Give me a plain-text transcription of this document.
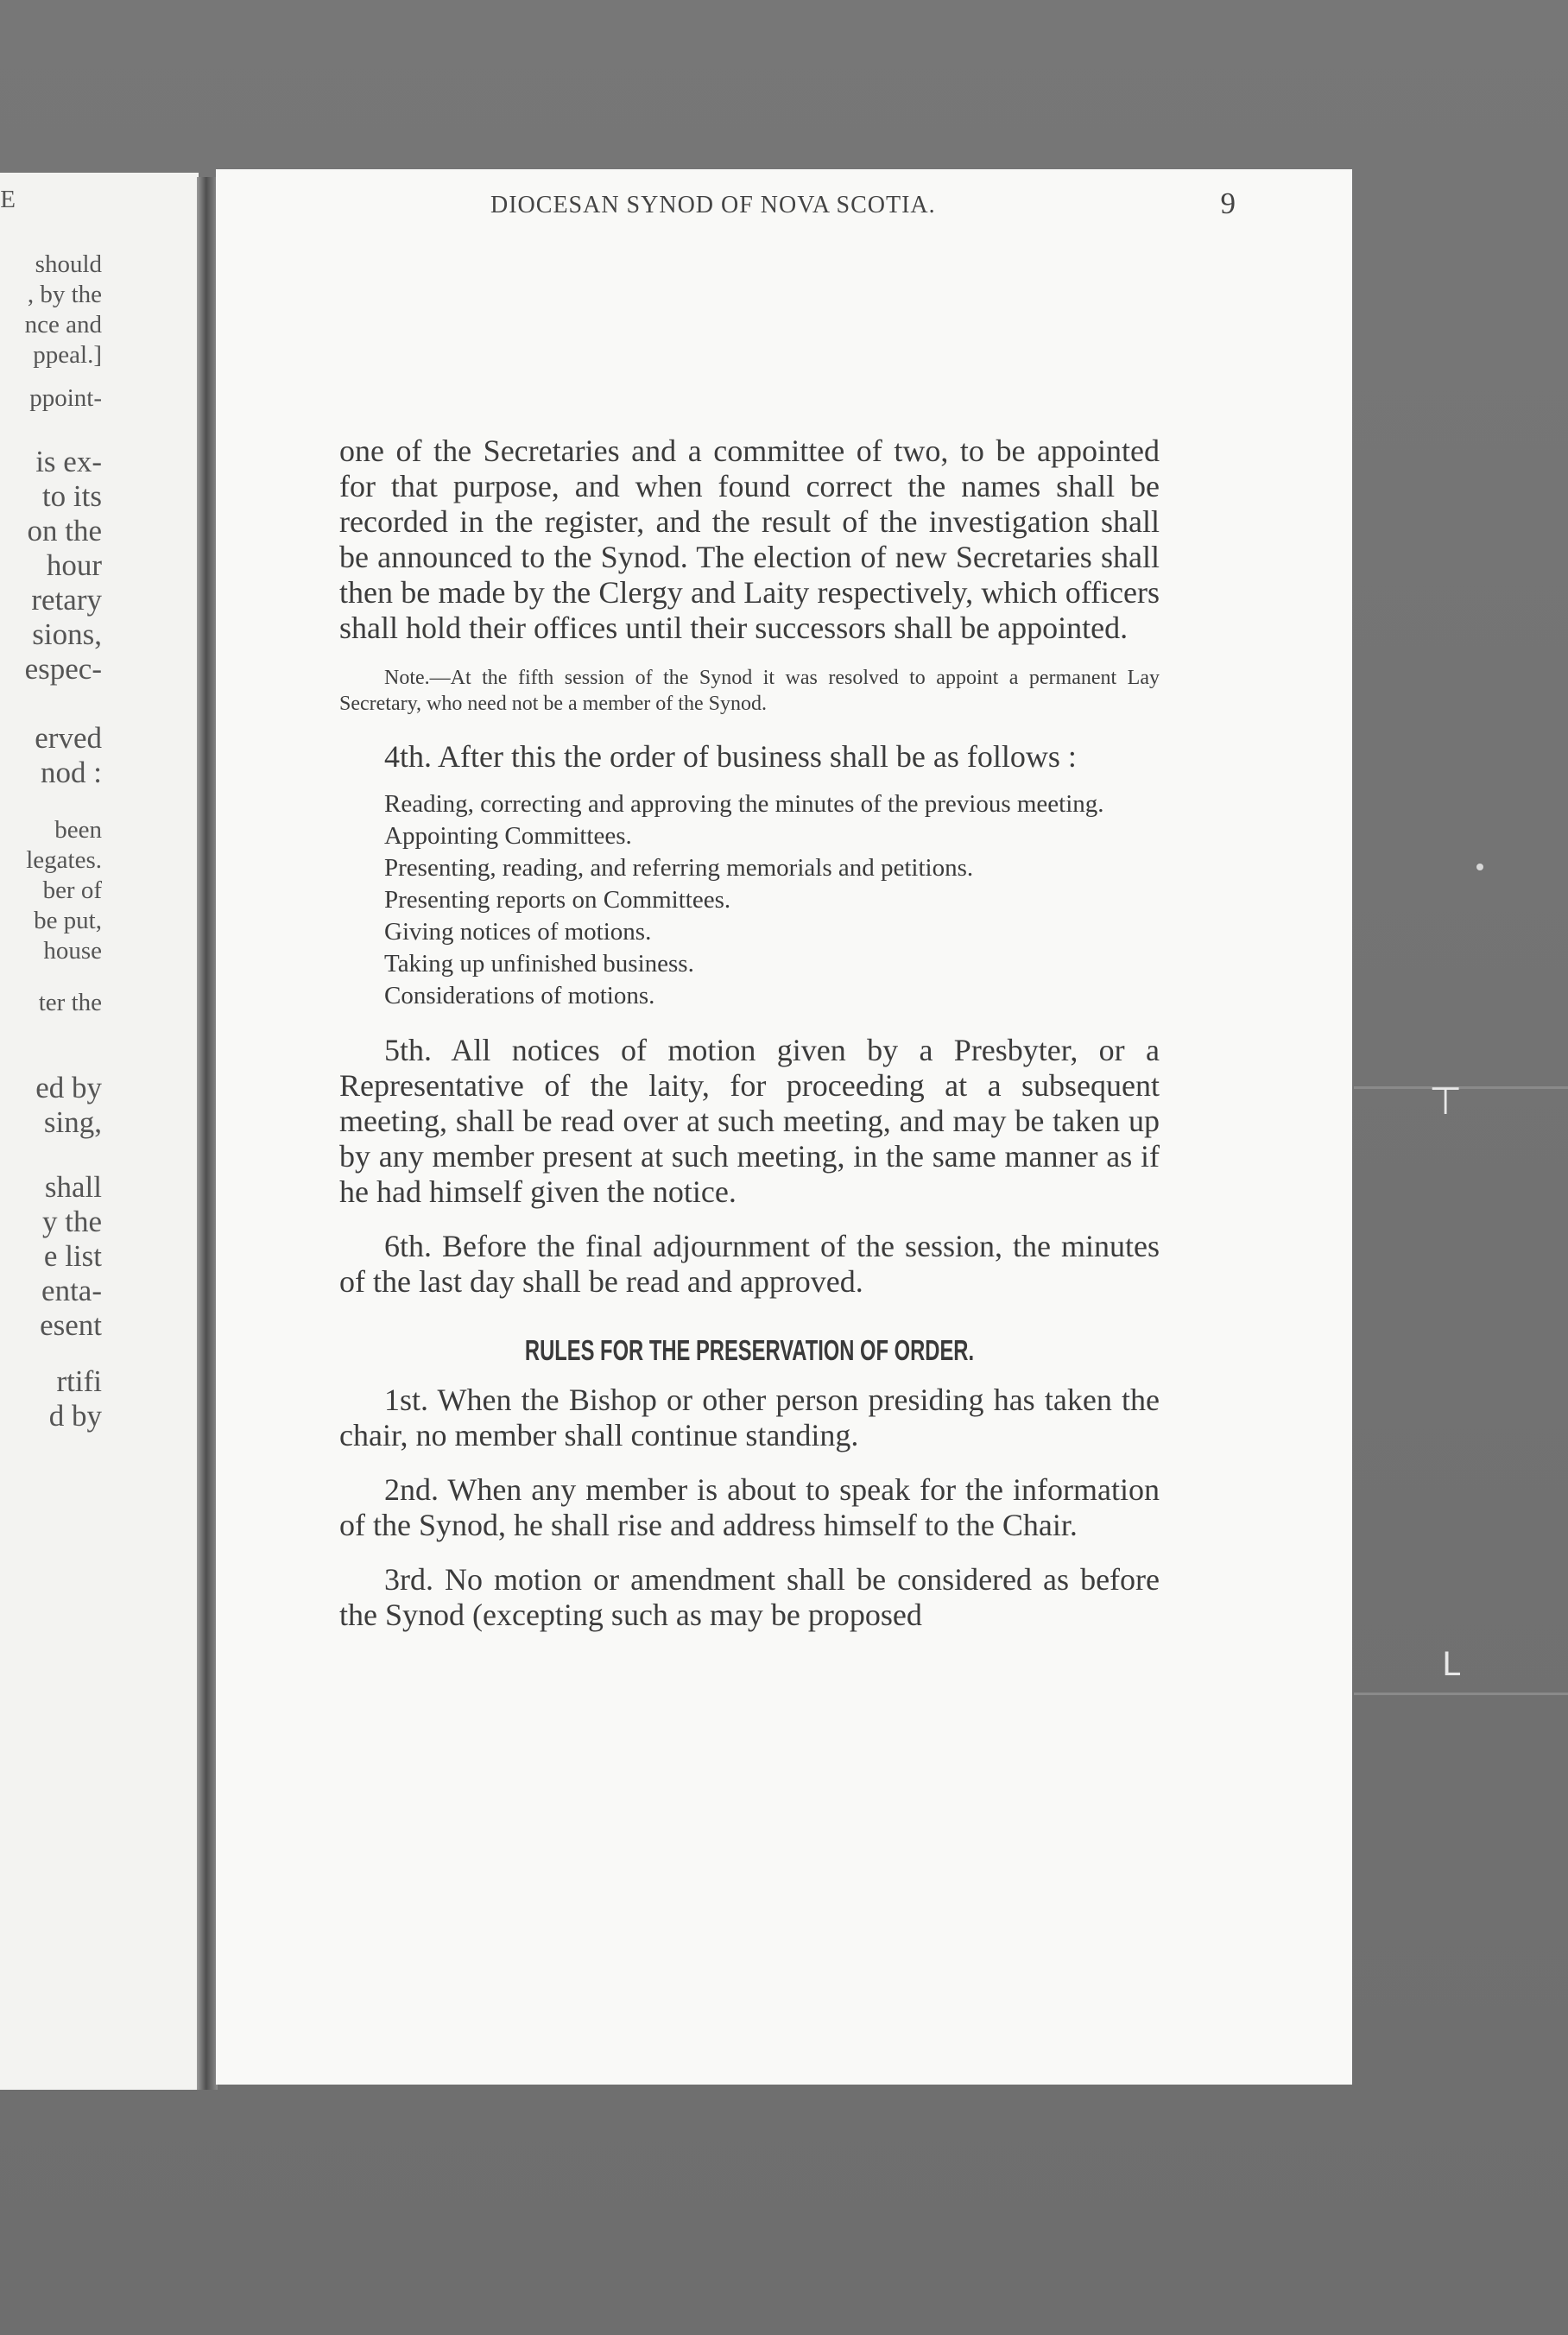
⊤
ᒪ
E
should
, by the
nce and
ppeal.]
ppoint-
is ex-
to its
on the
hour
retary
sions,
espec-
erved
nod :
been
legates.
ber of
be put,
house
ter the
ed by
sing,
shall
y the
e list
enta-
esent
rtifi
d by
DIOCESAN SYNOD OF NOVA SCOTIA.	9

one of the Secretaries and a committee of two, to be appointed for that purpose, and when found correct the names shall be recorded in the register, and the result of the investigation shall be announced to the Synod. The election of new Secretaries shall then be made by the Clergy and Laity respectively, which officers shall hold their offices until their successors shall be appointed.

Note.—At the fifth session of the Synod it was resolved to appoint a permanent Lay Secretary, who need not be a member of the Synod.

4th. After this the order of business shall be as follows :

Reading, correcting and approving the minutes of the previous meeting.

Appointing Committees.
Presenting, reading, and referring memorials and petitions.
Presenting reports on Committees.
Giving notices of motions.
Taking up unfinished business.
Considerations of motions.

5th. All notices of motion given by a Presbyter, or a Representative of the laity, for proceeding at a subsequent meeting, shall be read over at such meeting, and may be taken up by any member present at such meeting, in the same manner as if he had himself given the notice.

6th. Before the final adjournment of the session, the minutes of the last day shall be read and approved.

RULES FOR THE PRESERVATION OF ORDER.

1st. When the Bishop or other person presiding has taken the chair, no member shall continue standing.

2nd. When any member is about to speak for the information of the Synod, he shall rise and address himself to the Chair.

3rd. No motion or amendment shall be considered as before the Synod (excepting such as may be proposed
